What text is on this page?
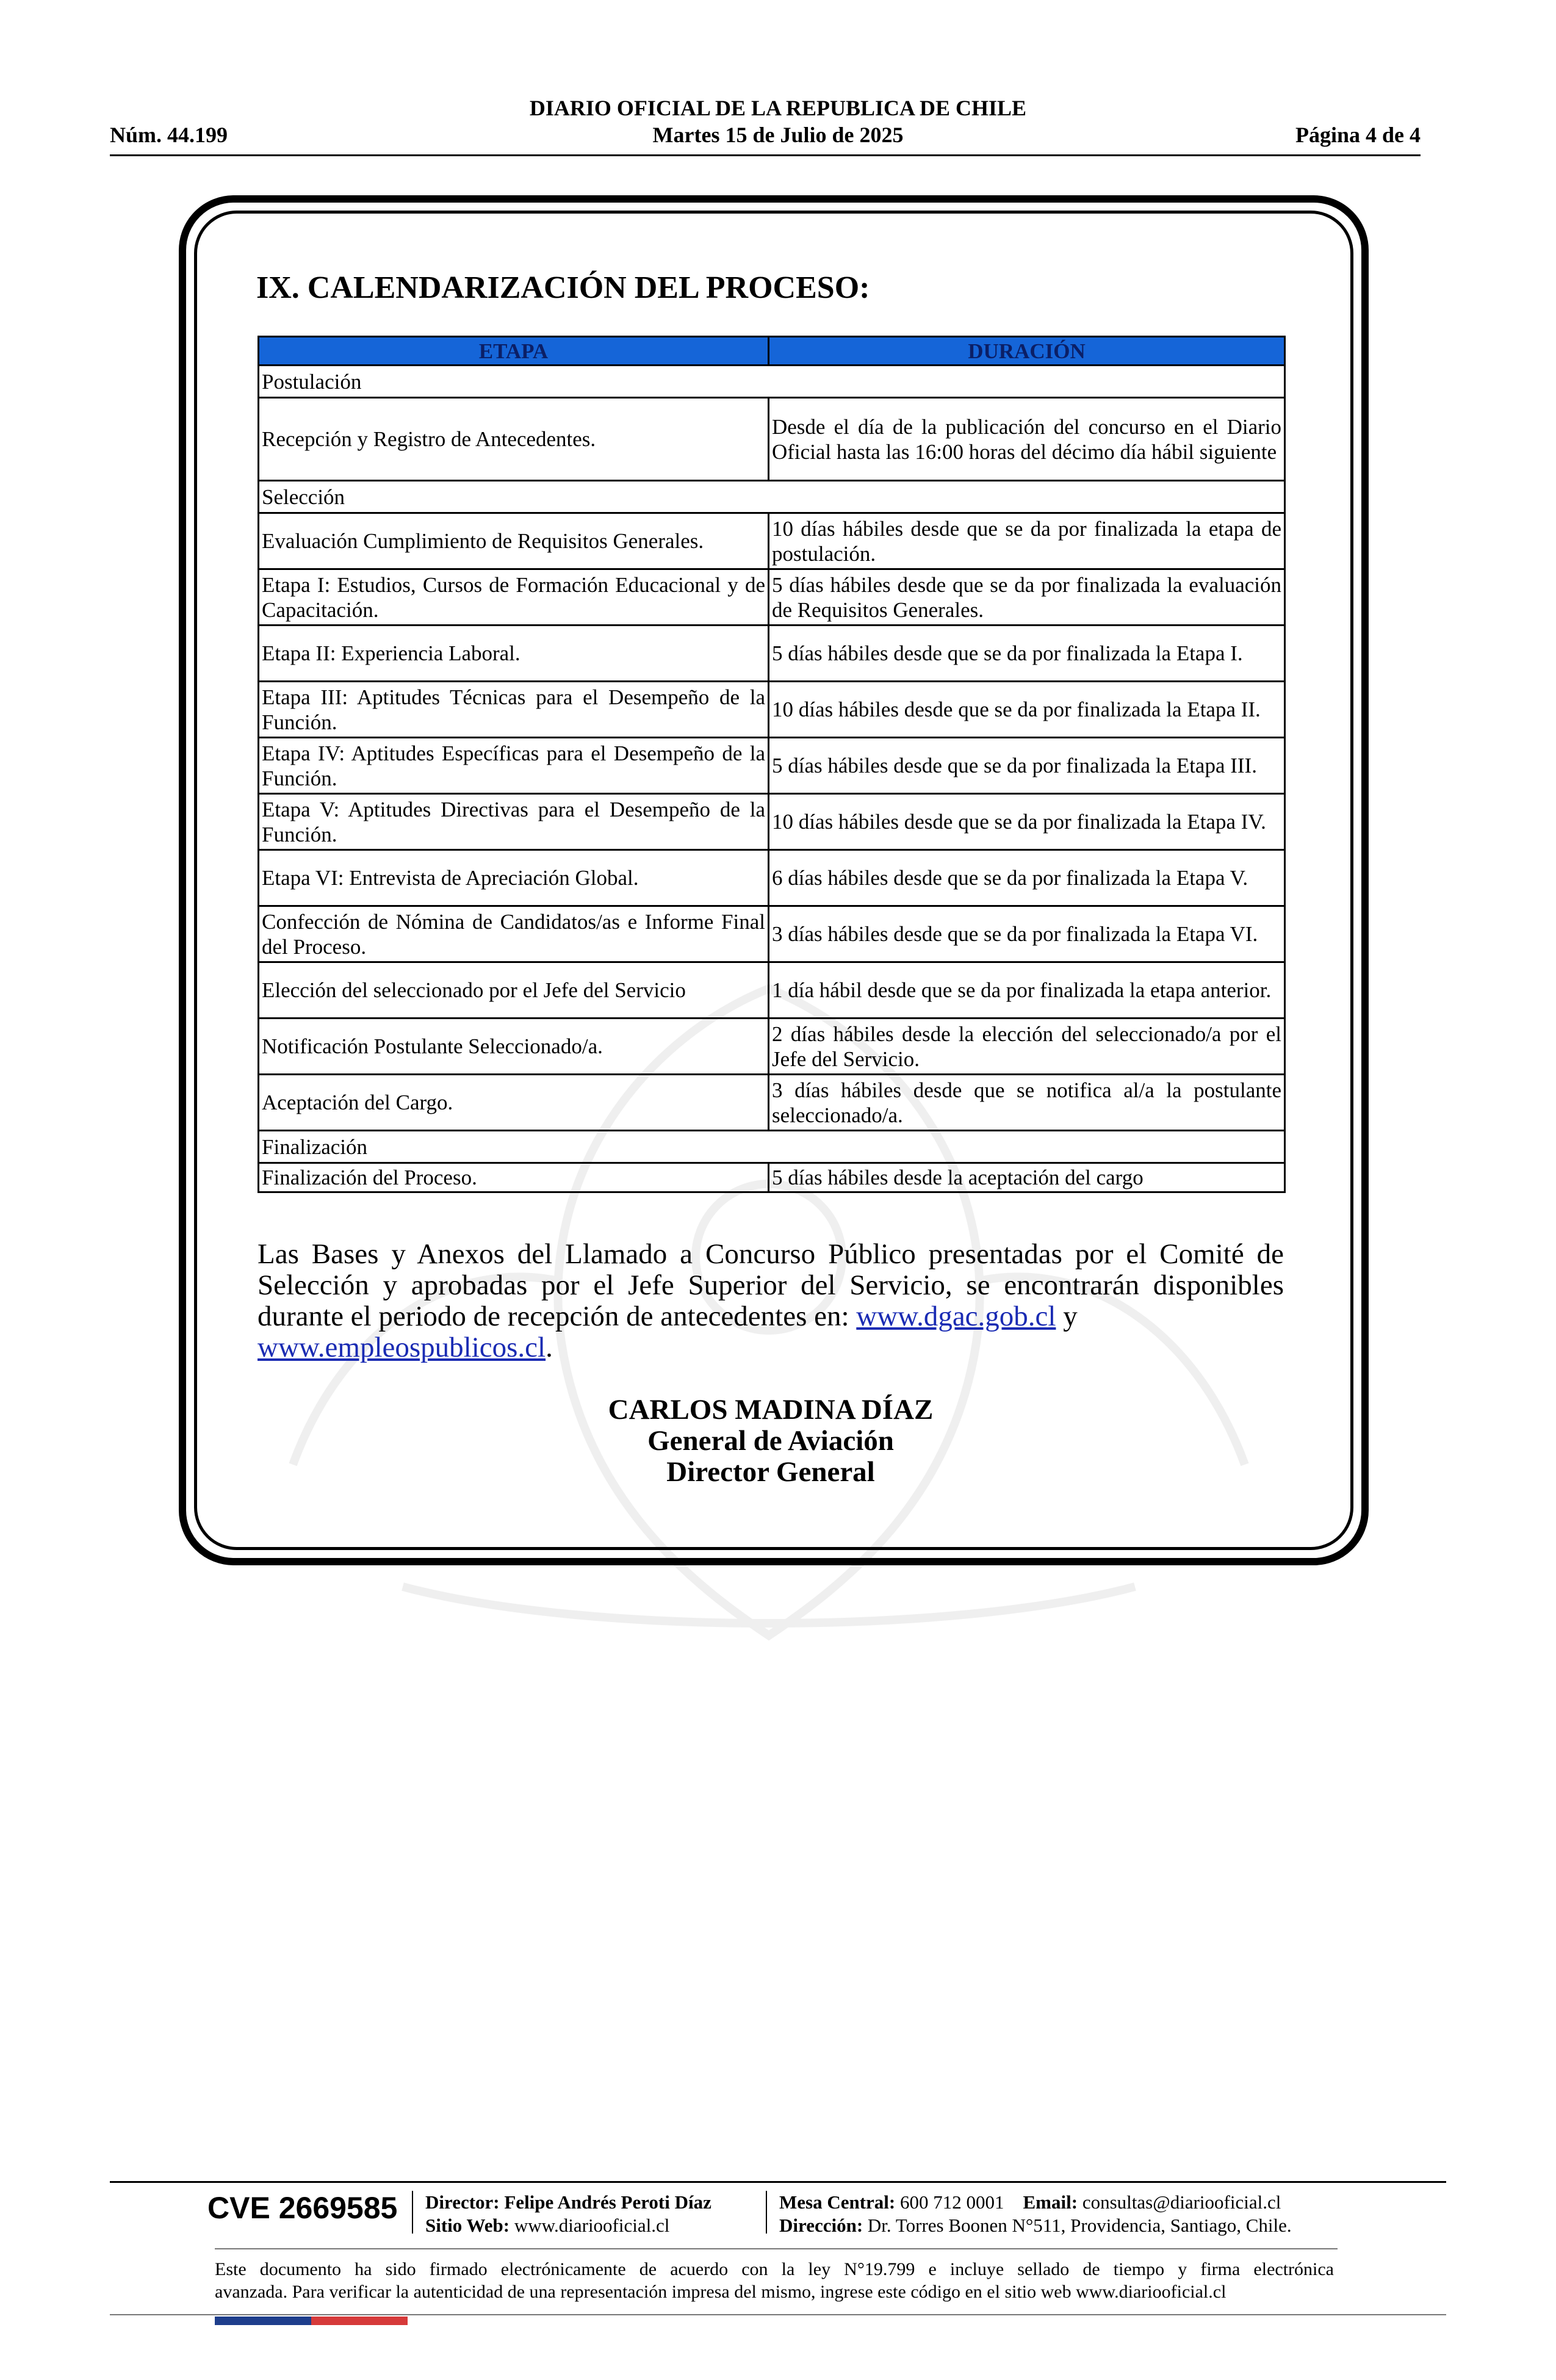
DIARIO OFICIAL DE LA REPUBLICA DE CHILE
Martes 15 de Julio de 2025
Núm. 44.199	Página 4 de 4
IX. CALENDARIZACIÓN DEL PROCESO:
ETAPA	DURACIÓN
Postulación	
Recepción y Registro de Antecedentes.	Desde el día de la publicación del concurso en el Diario Oficial hasta las 16:00 horas del décimo día hábil siguiente
Selección	
Evaluación Cumplimiento de Requisitos Generales.	10 días hábiles desde que se da por finalizada la etapa de postulación.
Etapa I: Estudios, Cursos de Formación Educacional y de Capacitación.	5 días hábiles desde que se da por finalizada la evaluación de Requisitos Generales.
Etapa II: Experiencia Laboral.	5 días hábiles desde que se da por finalizada la Etapa I.
Etapa III: Aptitudes Técnicas para el Desempeño de la Función.	10 días hábiles desde que se da por finalizada la Etapa II.
Etapa IV: Aptitudes Específicas para el Desempeño de la Función.	5 días hábiles desde que se da por finalizada la Etapa III.
Etapa V: Aptitudes Directivas para el Desempeño de la Función.	10 días hábiles desde que se da por finalizada la Etapa IV.
Etapa VI: Entrevista de Apreciación Global.	6 días hábiles desde que se da por finalizada la Etapa V.
Confección de Nómina de Candidatos/as e Informe Final del Proceso.	3 días hábiles desde que se da por finalizada la Etapa VI.
Elección del seleccionado por el Jefe del Servicio	1 día hábil desde que se da por finalizada la etapa anterior.
Notificación Postulante Seleccionado/a.	2 días hábiles desde la elección del seleccionado/a por el Jefe del Servicio.
Aceptación del Cargo.	3 días hábiles desde que se notifica al/a la postulante seleccionado/a.
Finalización	
Finalización del Proceso.	5 días hábiles desde la aceptación del cargo
Las Bases y Anexos del Llamado a Concurso Público presentadas por el Comité de Selección y aprobadas por el Jefe Superior del Servicio, se encontrarán disponibles durante el periodo de recepción de antecedentes en: www.dgac.gob.cl y
www.empleospublicos.cl.
CARLOS MADINA DÍAZ
General de Aviación
Director General
CVE 2669585 Director: Felipe Andrés Peroti Díaz
Sitio Web: www.diariooficial.cl
Mesa Central: 600 712 0001 Email: consultas@diariooficial.cl
Dirección: Dr. Torres Boonen N°511, Providencia, Santiago, Chile.
Este documento ha sido firmado electrónicamente de acuerdo con la ley N°19.799 e incluye sellado de tiempo y firma electrónica
avanzada. Para verificar la autenticidad de una representación impresa del mismo, ingrese este código en el sitio web www.diariooficial.cl
